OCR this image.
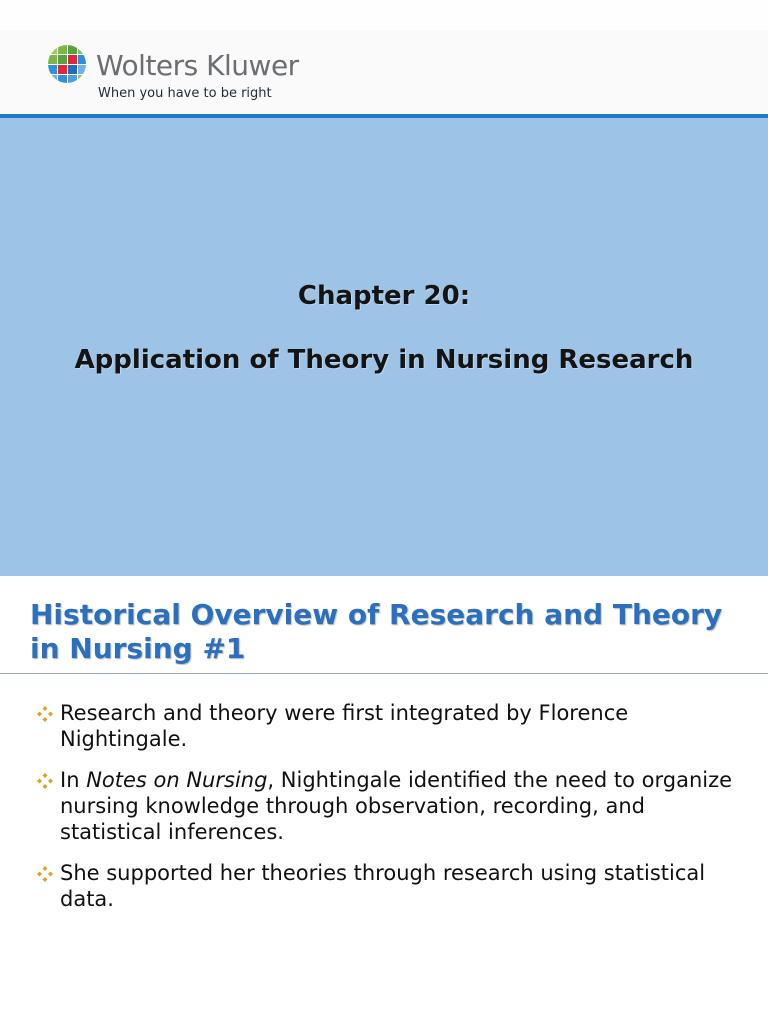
Wolters Kluwer
When you have to be right
Chapter 20:
Application of Theory in Nursing Research
Historical Overview of Research and Theory in Nursing #1
Research and theory were first integrated by Florence Nightingale.
In Notes on Nursing, Nightingale identified the need to organize nursing knowledge through observation, recording, and statistical inferences.
She supported her theories through research using statistical data.
